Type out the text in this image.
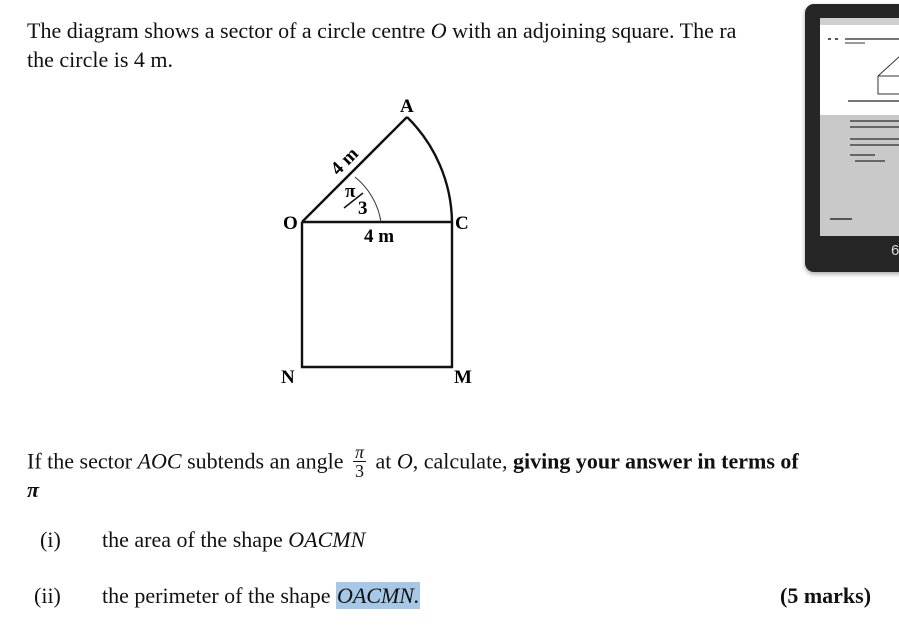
The diagram shows a sector of a circle centre O with an adjoining square. The ra
the circle is 4 m.
A
O	C
N	M
4 m
4 m
π
3
If the sector AOC subtends an angle $\frac{\pi}{3}$ at O, calculate, giving your answer in terms of
π
(i) the area of the shape OACMN
(ii) the perimeter of the shape OACMN.	(5 marks)
6
